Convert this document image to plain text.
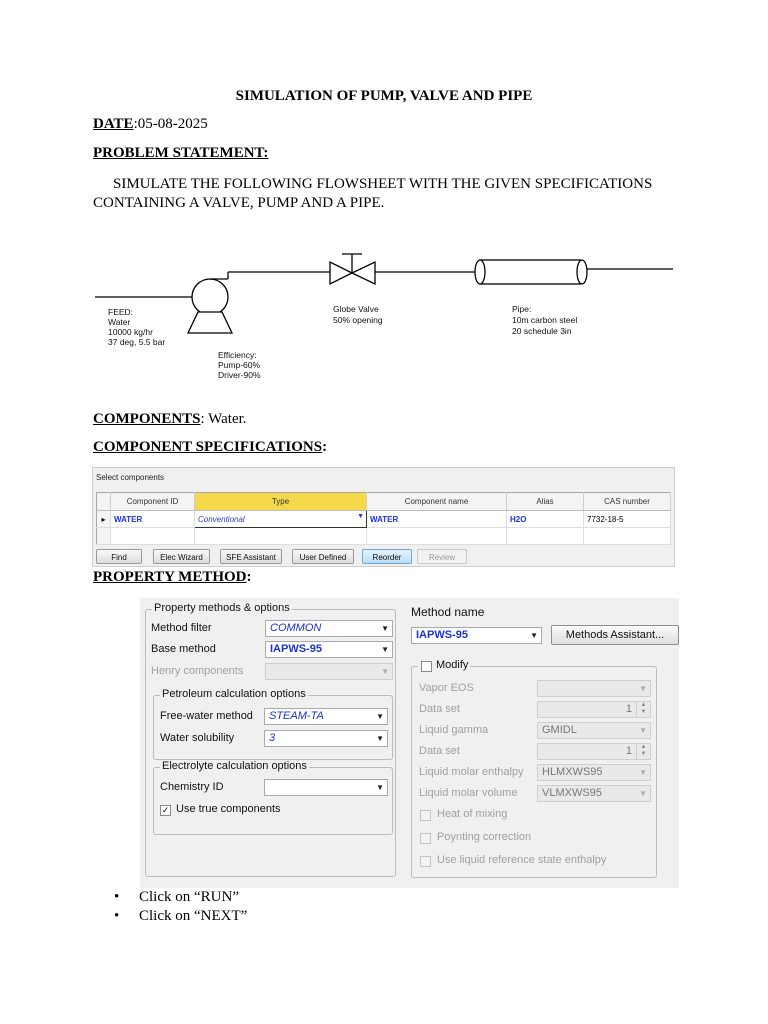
SIMULATION OF PUMP, VALVE AND PIPE
DATE:05-08-2025
PROBLEM STATEMENT:
SIMULATE THE FOLLOWING FLOWSHEET WITH THE GIVEN SPECIFICATIONS
CONTAINING A VALVE, PUMP AND A PIPE.
FEED: Water 10000 kg/hr 37 deg, 5.5 bar
Efficiency: Pump-60% Driver-90%
Globe Valve 50% opening
Pipe: 10m carbon steel 20 schedule 3in
COMPONENTS: Water.
COMPONENT SPECIFICATIONS:
Select components
	Component ID	Type	Component name	Alias	CAS number
▸	WATER	Conventional ▼	WATER	H2O	7732-18-5

Find	Elec Wizard	SFE Assistant	User Defined	Reorder	Review
PROPERTY METHOD:
Property methods & options
Method filter	COMMON	▼
Base method	IAPWS-95	▼
Henry components	▼
Petroleum calculation options
Free-water method	STEAM-TA	▼
Water solubility	3	▼
Electrolyte calculation options
Chemistry ID	▼
✓ Use true components
Method name
IAPWS-95	▼	Methods Assistant...
Modify
Vapor EOS	▼
Data set	1	▲
▼
Liquid gamma	GMIDL	▼
Data set	1	▲
▼
Liquid molar enthalpy	HLMXWS95	▼
Liquid molar volume	VLMXWS95	▼
Heat of mixing
Poynting correction
Use liquid reference state enthalpy
• Click on “RUN”
• Click on “NEXT”
